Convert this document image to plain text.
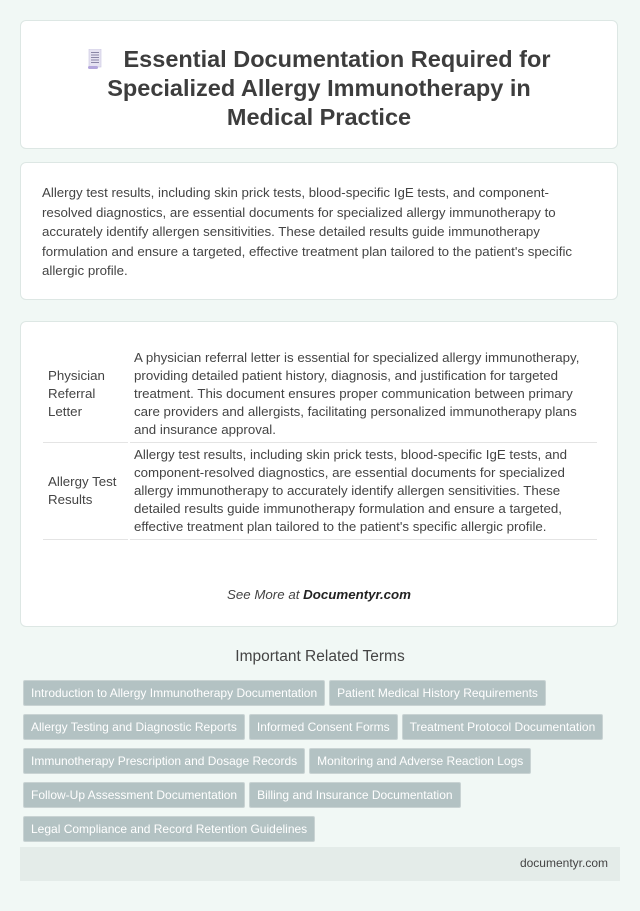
Essential Documentation Required for Specialized Allergy Immunotherapy in Medical Practice

Allergy test results, including skin prick tests, blood-specific IgE tests, and component-resolved diagnostics, are essential documents for specialized allergy immunotherapy to accurately identify allergen sensitivities. These detailed results guide immunotherapy formulation and ensure a targeted, effective treatment plan tailored to the patient's specific allergic profile.

Physician Referral Letter	A physician referral letter is essential for specialized allergy immunotherapy, providing detailed patient history, diagnosis, and justification for targeted treatment. This document ensures proper communication between primary care providers and allergists, facilitating personalized immunotherapy plans and insurance approval.
Allergy Test Results	Allergy test results, including skin prick tests, blood-specific IgE tests, and component-resolved diagnostics, are essential documents for specialized allergy immunotherapy to accurately identify allergen sensitivities. These detailed results guide immunotherapy formulation and ensure a targeted, effective treatment plan tailored to the patient's specific allergic profile.
See More at Documentyr.com
Important Related Terms
Introduction to Allergy Immunotherapy Documentation Patient Medical History Requirements
Allergy Testing and Diagnostic Reports Informed Consent Forms Treatment Protocol Documentation
Immunotherapy Prescription and Dosage Records Monitoring and Adverse Reaction Logs
Follow-Up Assessment Documentation Billing and Insurance Documentation
Legal Compliance and Record Retention Guidelines
documentyr.com
